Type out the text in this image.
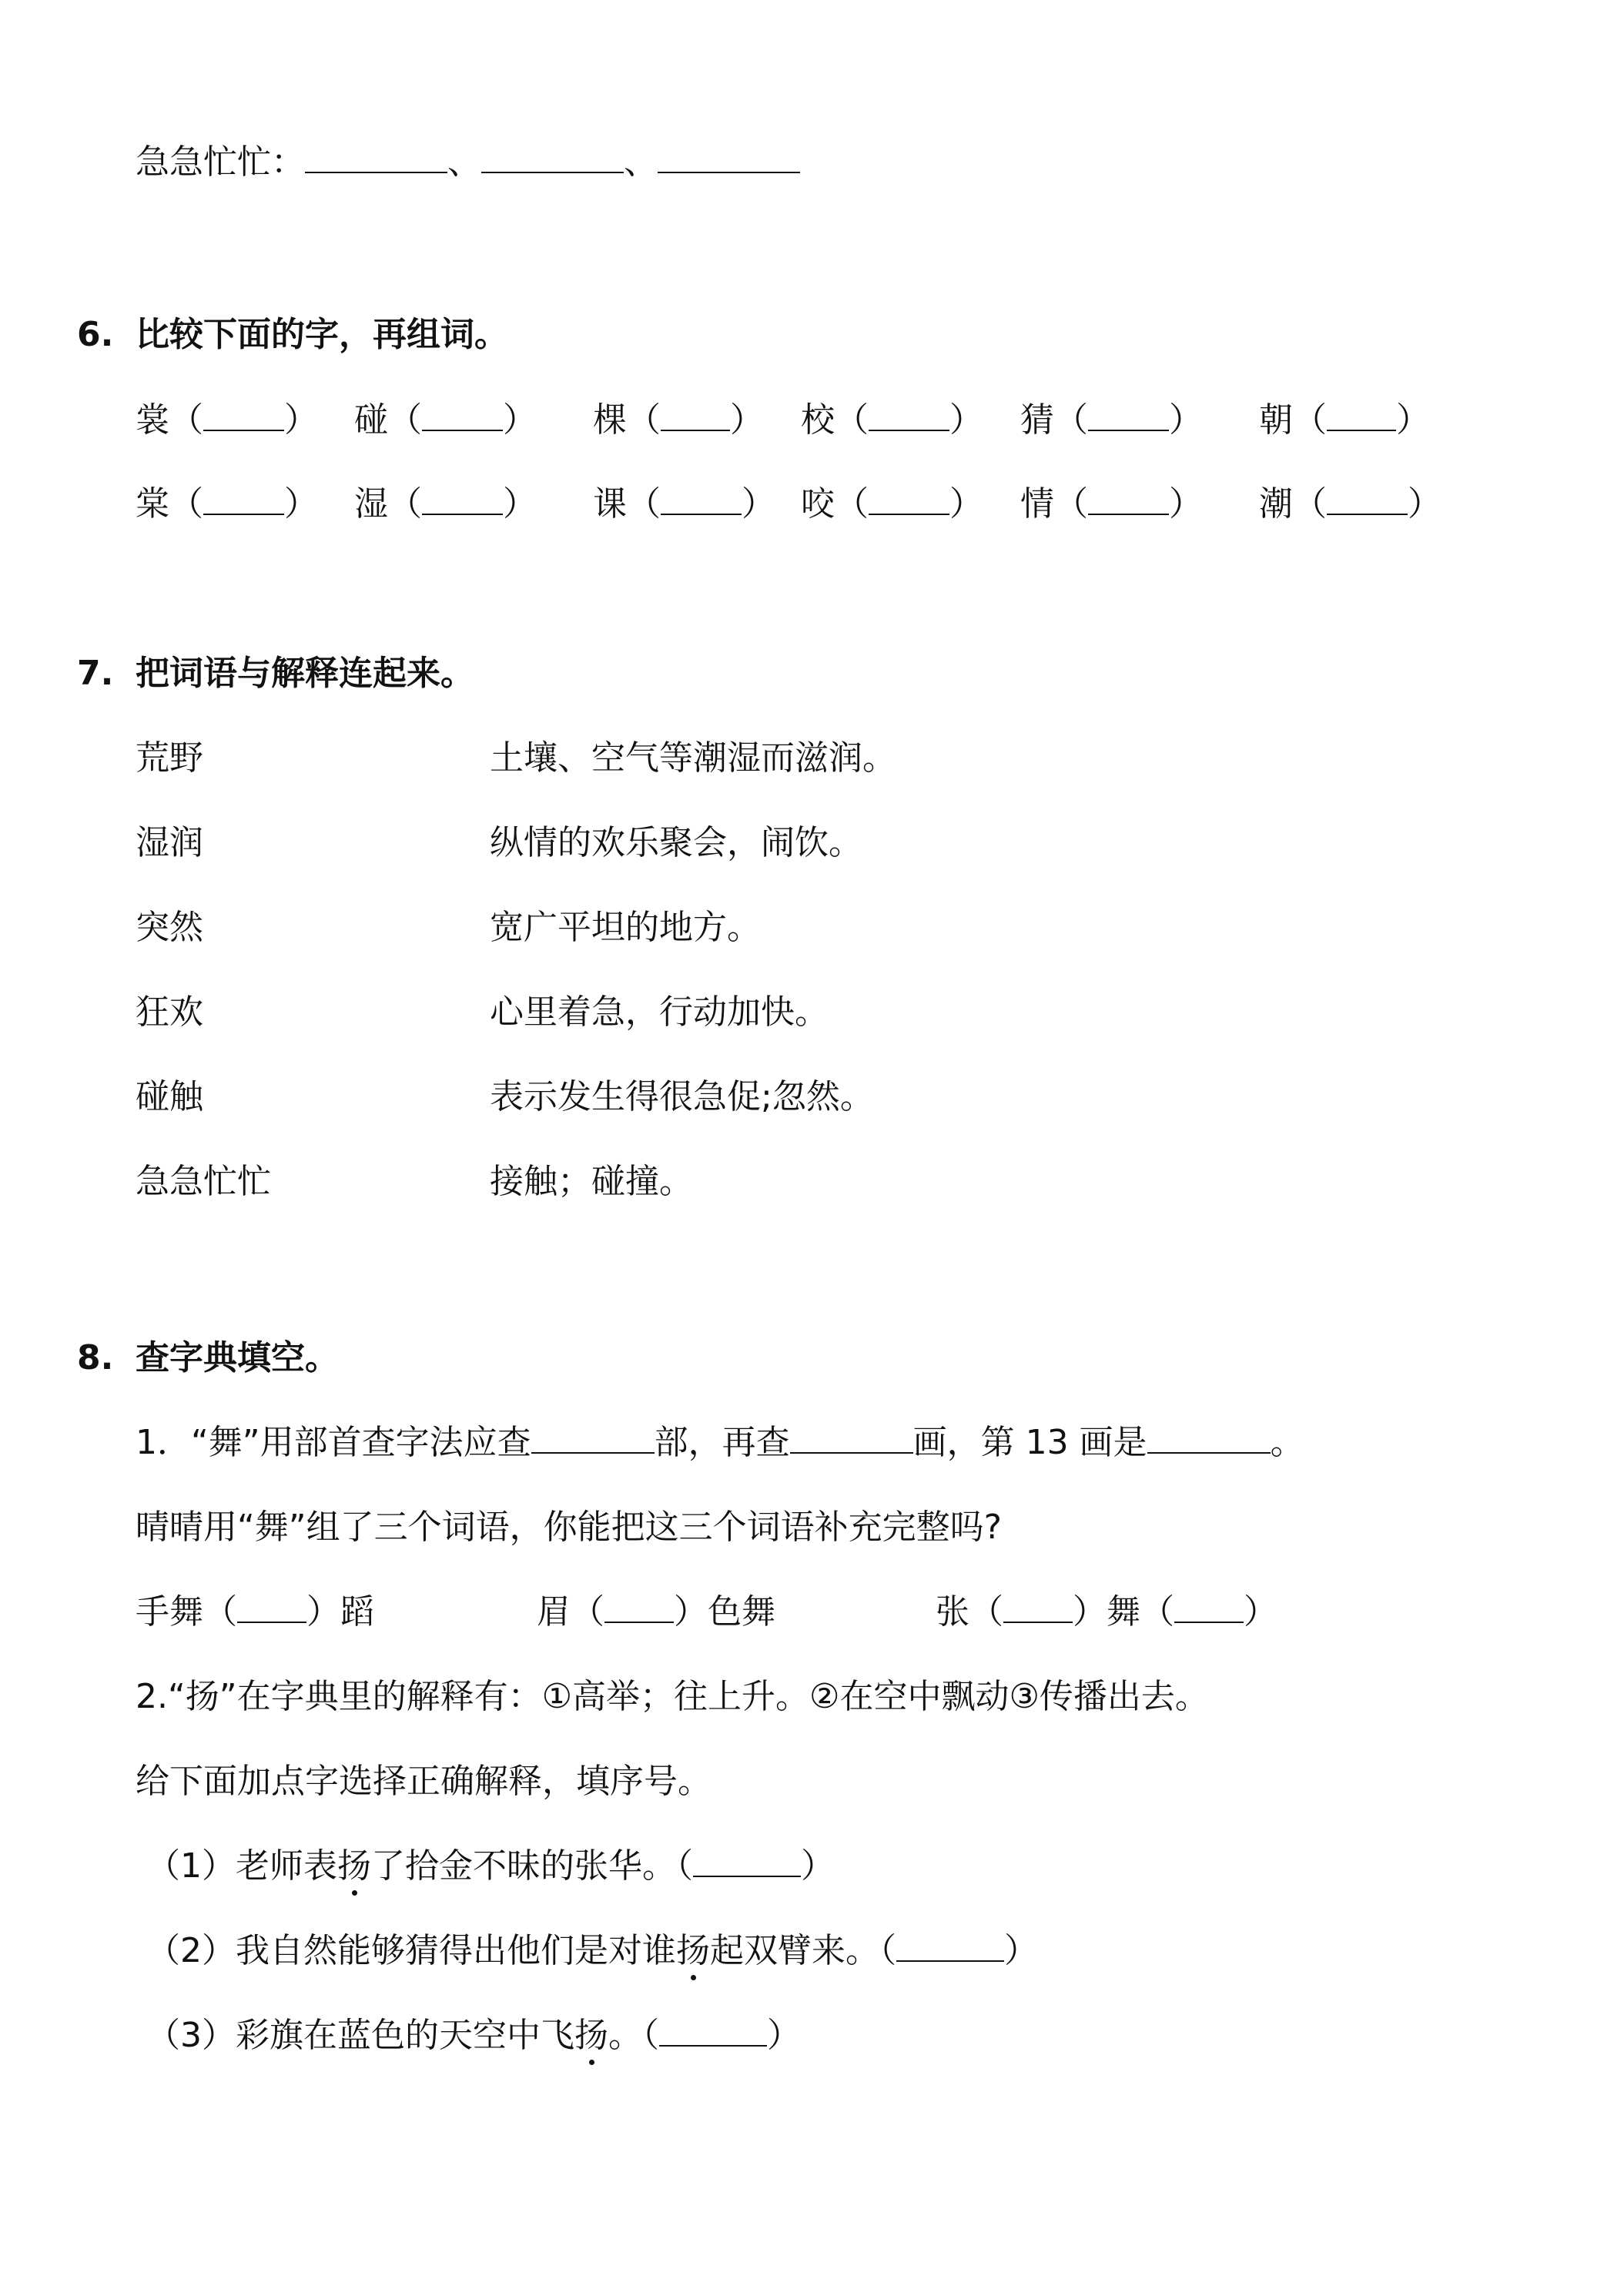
急急忙忙：	、	、
6. 比较下面的字，再组词。
裳（ ） 碰（ ） 棵（ ） 校（ ） 猜（ ） 朝（ ）
棠（ ） 湿（ ） 课（ ） 咬（ ） 情（ ） 潮（ ）
7. 把词语与解释连起来。
荒野	土壤、空气等潮湿而滋润。
湿润	纵情的欢乐聚会，闹饮。
突然	宽广平坦的地方。
狂欢	心里着急，行动加快。
碰触	表示发生得很急促;忽然。
急急忙忙	接触；碰撞。
8. 查字典填空。
1．“舞”用部首查字法应查	部，再查	画，第 13 画是	。
晴晴用“舞”组了三个词语，你能把这三个词语补充完整吗?
手舞（ ）蹈	眉（ ）色舞	张（ ）舞（ ）
2.“扬”在字典里的解释有：①高举；往上升。②在空中飘动③传播出去。
给下面加点字选择正确解释，填序号。
（1）老师表扬了拾金不昧的张华。（	）
（2）我自然能够猜得出他们是对谁扬起双臂来。（	）
（3）彩旗在蓝色的天空中飞扬。（	）
